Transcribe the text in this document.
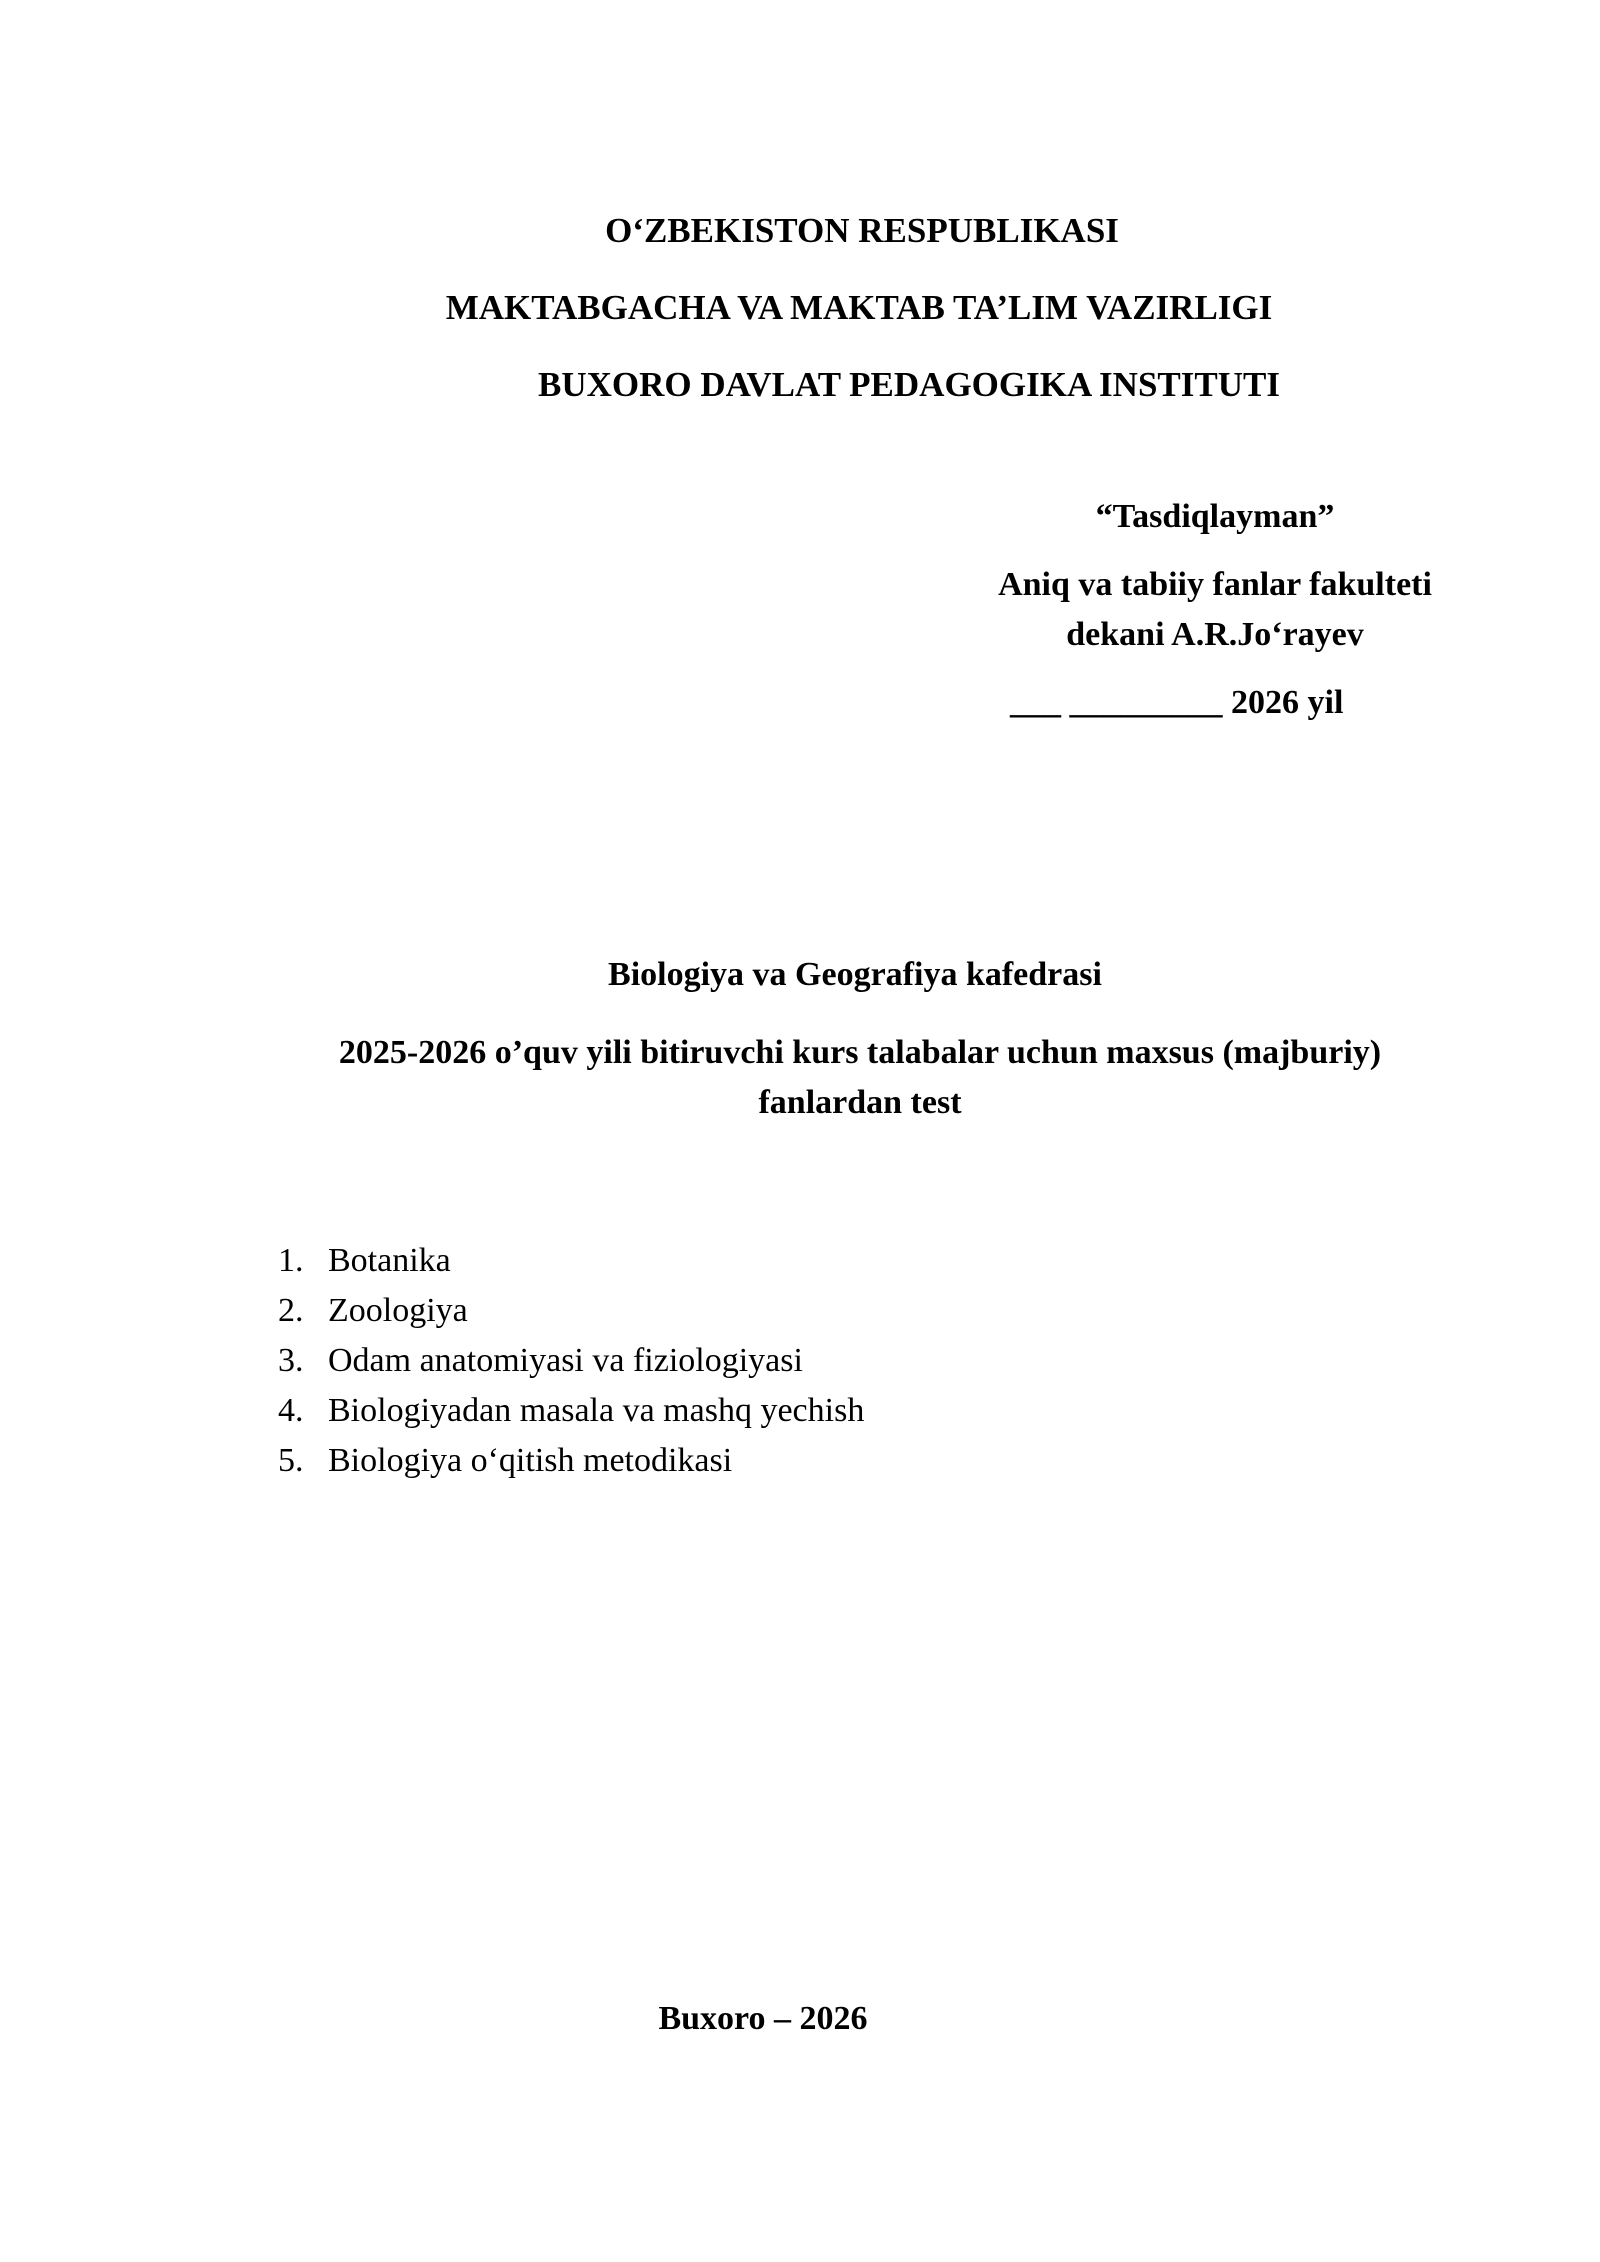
O‘ZBEKISTON RESPUBLIKASI
MAKTABGACHA VA MAKTAB TA’LIM VAZIRLIGI
BUXORO DAVLAT PEDAGOGIKA INSTITUTI
“Tasdiqlayman”
Aniq va tabiiy fanlar fakulteti
dekani A.R.Jo‘rayev
___ _________ 2026 yil
Biologiya va Geografiya kafedrasi
2025-2026 o’quv yili bitiruvchi kurs talabalar uchun maxsus (majburiy)
fanlardan test
1. Botanika
2. Zoologiya
3. Odam anatomiyasi va fiziologiyasi
4. Biologiyadan masala va mashq yechish
5. Biologiya o‘qitish metodikasi
Buxoro – 2026
